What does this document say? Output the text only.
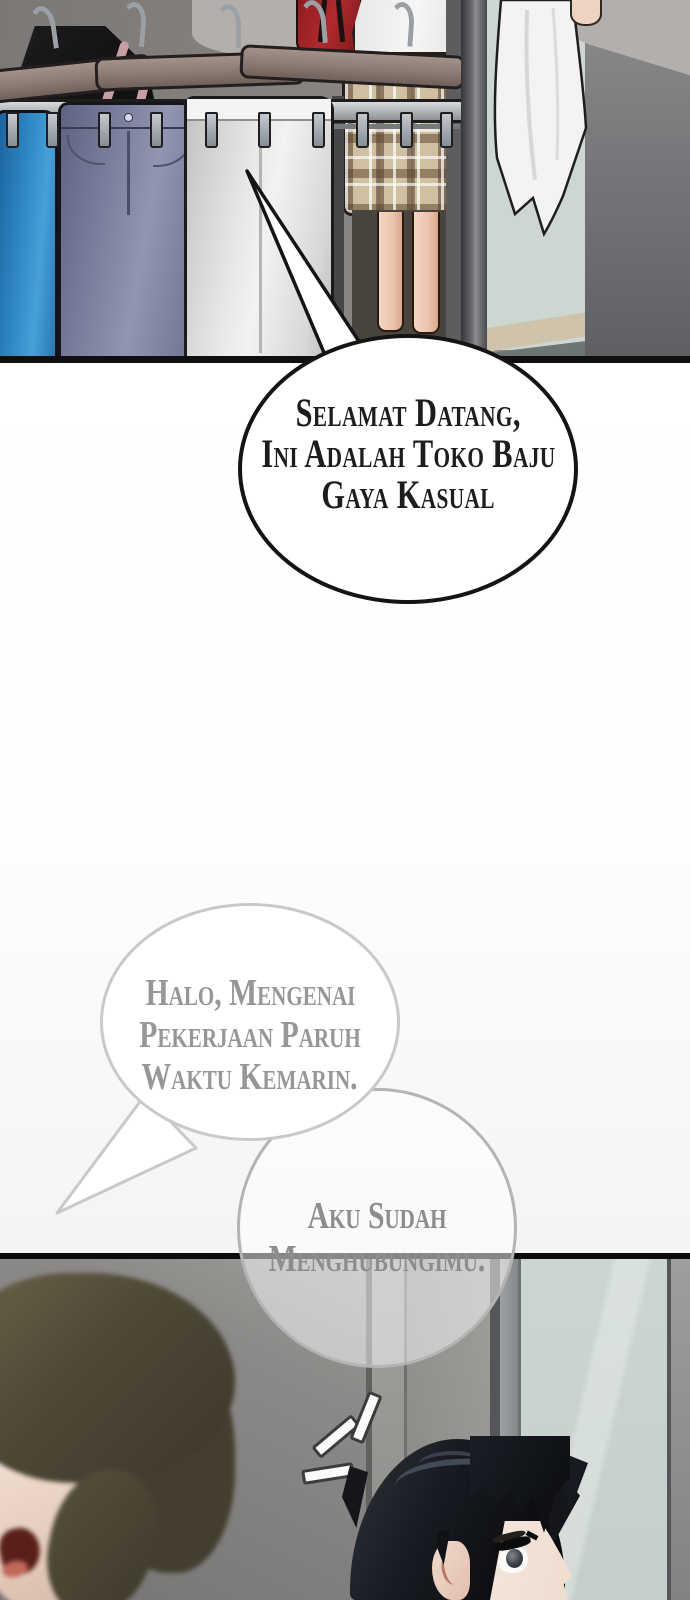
Selamat Datang,
Ini Adalah Toko Baju
Gaya Kasual
Halo, Mengenai
Pekerjaan Paruh
Waktu Kemarin.
Aku Sudah
Menghubungimu.
